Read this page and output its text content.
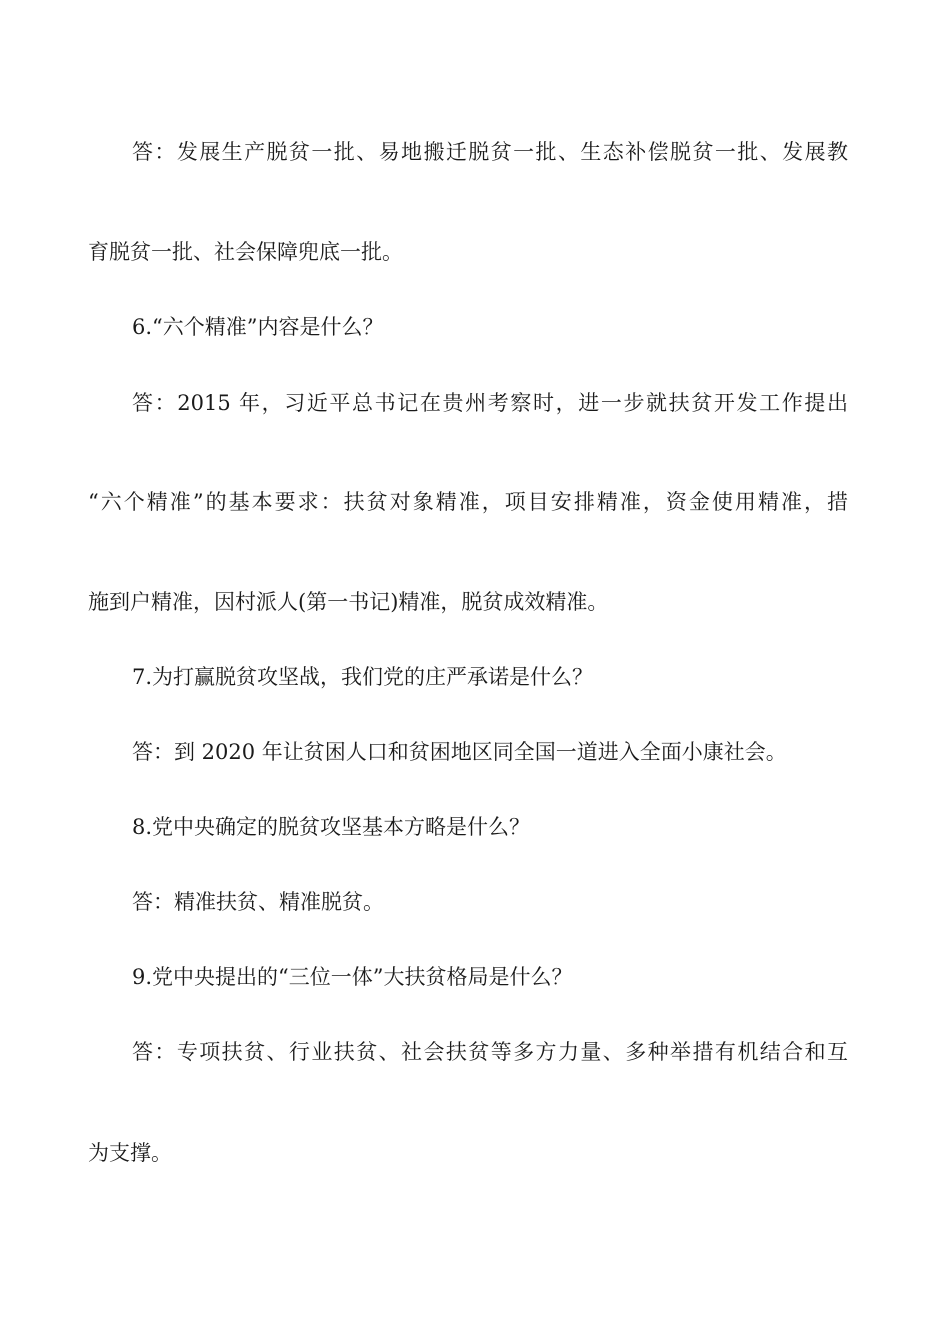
答：发展生产脱贫一批、易地搬迁脱贫一批、生态补偿脱贫一批、发展教
育脱贫一批、社会保障兜底一批。
6.“六个精准”内容是什么？
答：2015 年，习近平总书记在贵州考察时，进一步就扶贫开发工作提出
“六个精准”的基本要求：扶贫对象精准，项目安排精准，资金使用精准，措
施到户精准，因村派人(第一书记)精准，脱贫成效精准。
7.为打赢脱贫攻坚战，我们党的庄严承诺是什么？
答：到 2020 年让贫困人口和贫困地区同全国一道进入全面小康社会。
8.党中央确定的脱贫攻坚基本方略是什么？
答：精准扶贫、精准脱贫。
9.党中央提出的“三位一体”大扶贫格局是什么？
答：专项扶贫、行业扶贫、社会扶贫等多方力量、多种举措有机结合和互
为支撑。
